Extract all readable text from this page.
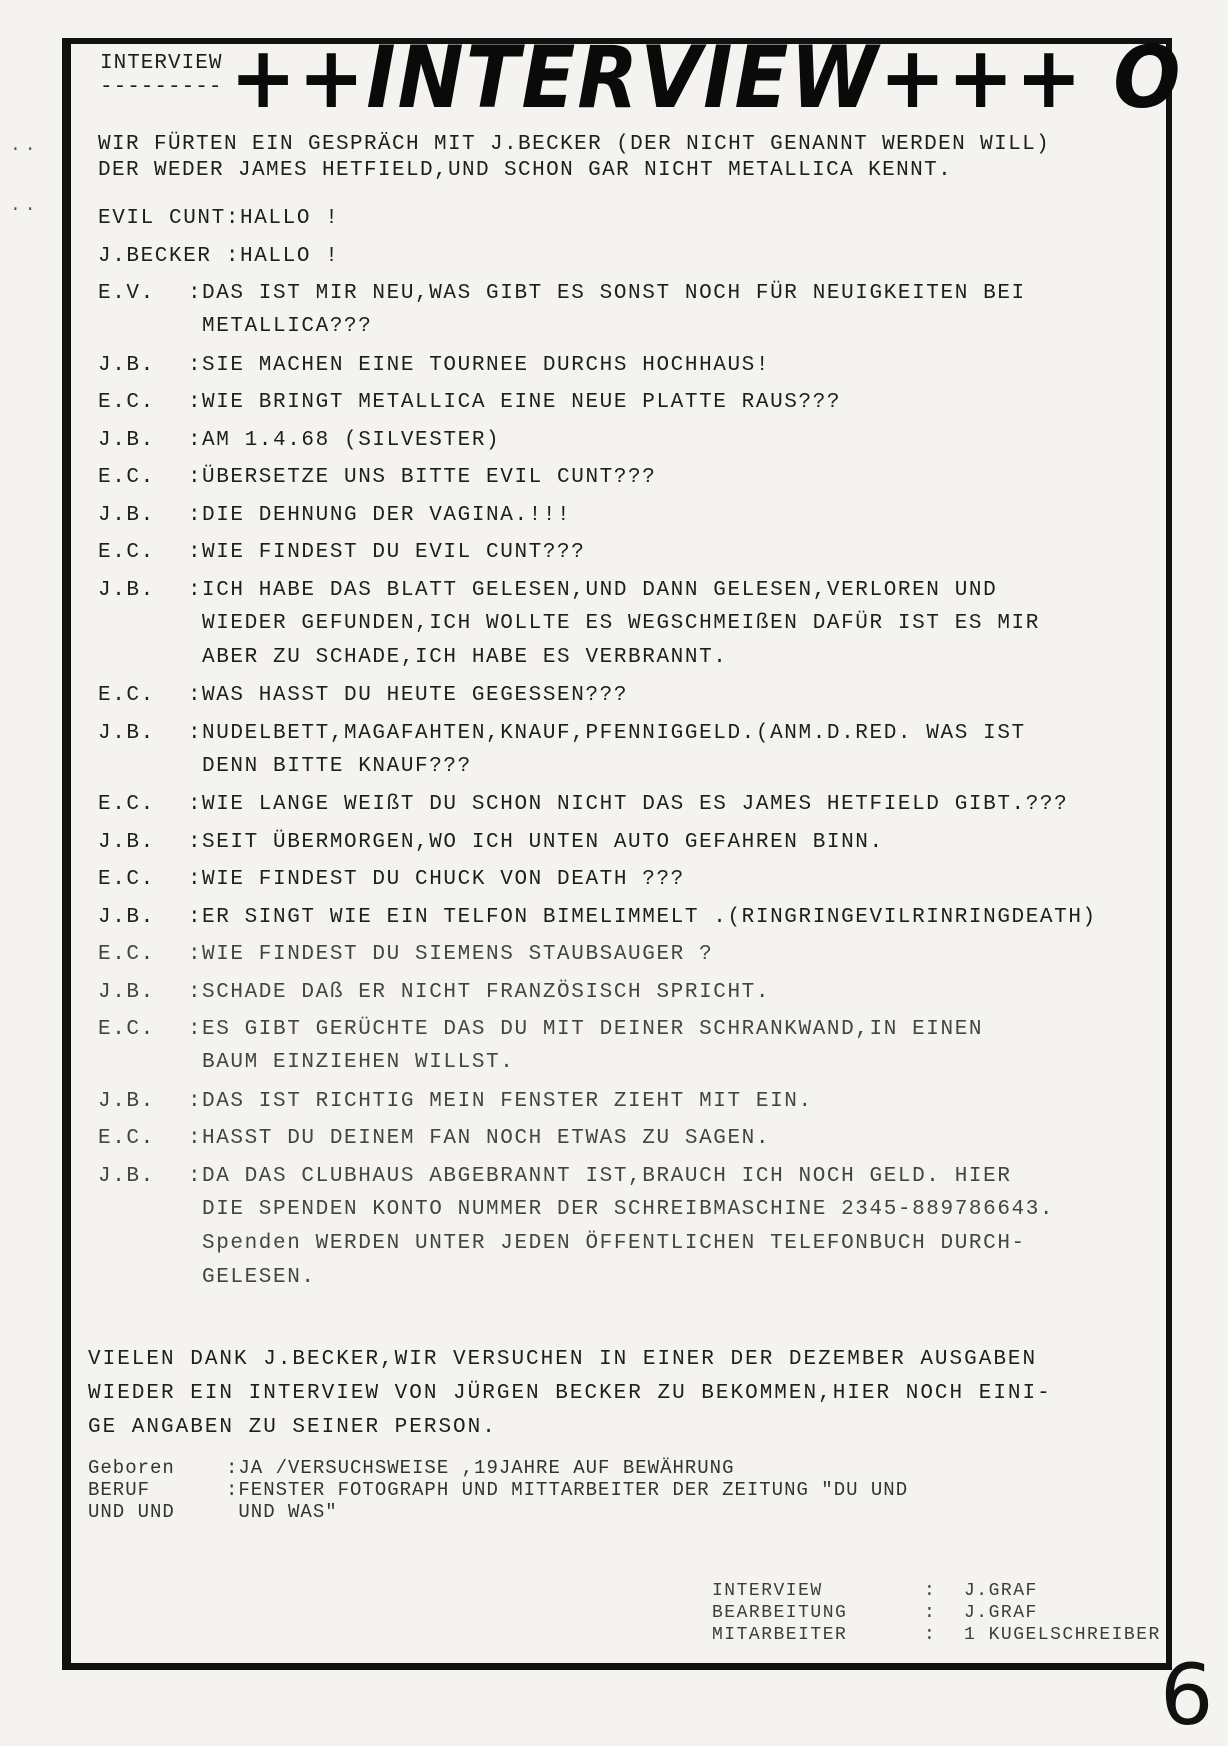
··
··
INTERVIEW
--------- ++INTERVIEW+++ O
WIR FÜRTEN EIN GESPRÄCH MIT J.BECKER (DER NICHT GENANNT WERDEN WILL)
DER WEDER JAMES HETFIELD,UND SCHON GAR NICHT METALLICA KENNT.
EVIL CUNT:HALLO !
J.BECKER :HALLO !
E.V. : DAS IST MIR NEU,WAS GIBT ES SONST NOCH FÜR NEUIGKEITEN BEI
METALLICA???
J.B. : SIE MACHEN EINE TOURNEE DURCHS HOCHHAUS!
E.C. : WIE BRINGT METALLICA EINE NEUE PLATTE RAUS???
J.B. : AM 1.4.68 (SILVESTER)
E.C. : ÜBERSETZE UNS BITTE EVIL CUNT???
J.B. : DIE DEHNUNG DER VAGINA.!!!
E.C. : WIE FINDEST DU EVIL CUNT???
J.B. : ICH HABE DAS BLATT GELESEN,UND DANN GELESEN,VERLOREN UND
WIEDER GEFUNDEN,ICH WOLLTE ES WEGSCHMEIßEN DAFÜR IST ES MIR
ABER ZU SCHADE,ICH HABE ES VERBRANNT.
E.C. : WAS HASST DU HEUTE GEGESSEN???
J.B. : NUDELBETT,MAGAFAHTEN,KNAUF,PFENNIGGELD.(ANM.D.RED. WAS IST
DENN BITTE KNAUF???
E.C. : WIE LANGE WEIßT DU SCHON NICHT DAS ES JAMES HETFIELD GIBT.???
J.B. : SEIT ÜBERMORGEN,WO ICH UNTEN AUTO GEFAHREN BINN.
E.C. : WIE FINDEST DU CHUCK VON DEATH ???
J.B. : ER SINGT WIE EIN TELFON BIMELIMMELT .(RINGRINGEVILRINRINGDEATH)
E.C. : WIE FINDEST DU SIEMENS STAUBSAUGER ?
J.B. : SCHADE DAß ER NICHT FRANZÖSISCH SPRICHT.
E.C. : ES GIBT GERÜCHTE DAS DU MIT DEINER SCHRANKWAND,IN EINEN
BAUM EINZIEHEN WILLST.
J.B. : DAS IST RICHTIG MEIN FENSTER ZIEHT MIT EIN.
E.C. : HASST DU DEINEM FAN NOCH ETWAS ZU SAGEN.
J.B. : DA DAS CLUBHAUS ABGEBRANNT IST,BRAUCH ICH NOCH GELD. HIER
DIE SPENDEN KONTO NUMMER DER SCHREIBMASCHINE 2345-889786643.
Spenden WERDEN UNTER JEDEN ÖFFENTLICHEN TELEFONBUCH DURCH-
GELESEN.
VIELEN DANK J.BECKER,WIR VERSUCHEN IN EINER DER DEZEMBER AUSGABEN
WIEDER EIN INTERVIEW VON JÜRGEN BECKER ZU BEKOMMEN,HIER NOCH EINI-
GE ANGABEN ZU SEINER PERSON.
Geboren	:JA /VERSUCHSWEISE ,19JAHRE AUF BEWÄHRUNG
BERUF	:FENSTER FOTOGRAPH UND MITTARBEITER DER ZEITUNG "DU UND
UND UND	UND WAS"
INTERVIEW	: J.GRAF
BEARBEITUNG	: J.GRAF
MITARBEITER	: 1 KUGELSCHREIBER
6
